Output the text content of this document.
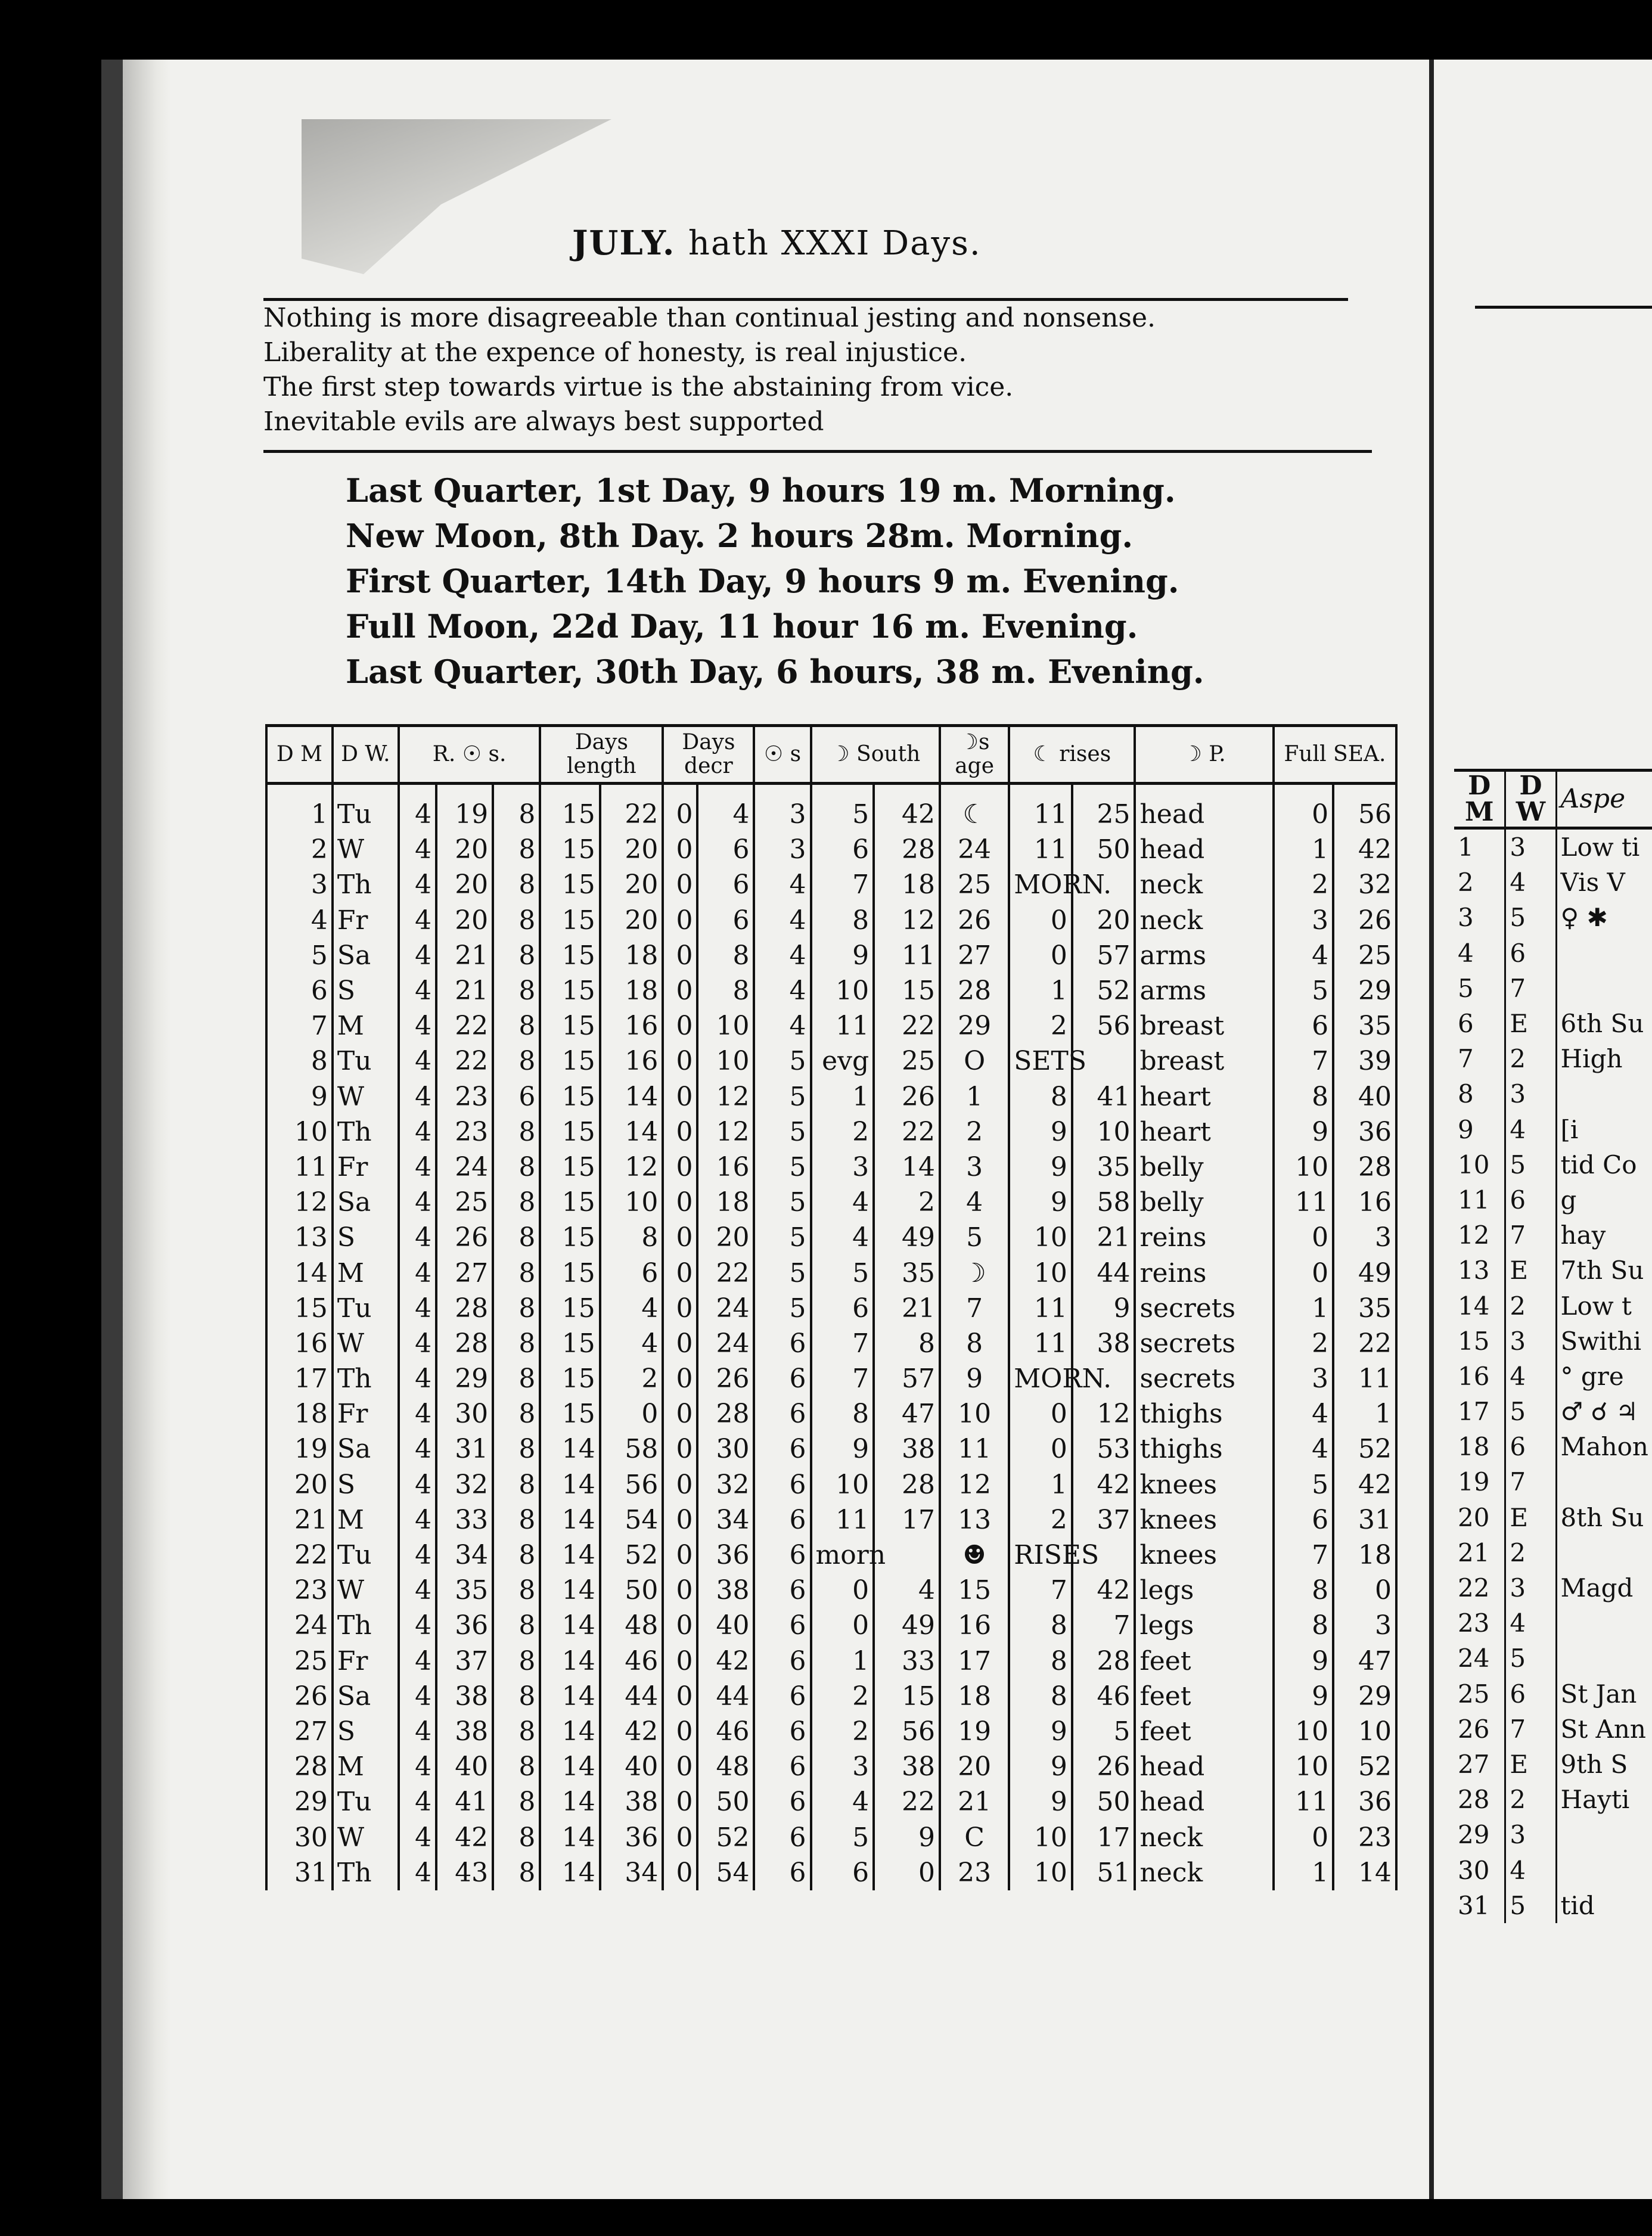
JULY. hath XXXI Days.
Nothing is more disagreeable than continual jesting and nonsense.
Liberality at the expence of honesty, is real injustice.
The first step towards virtue is the abstaining from vice.
Inevitable evils are always best supported
Last Quarter, 1st Day, 9 hours 19 m. Morning.
New Moon, 8th Day. 2 hours 28m. Morning.
First Quarter, 14th Day, 9 hours 9 m. Evening.
Full Moon, 22d Day, 11 hour 16 m. Evening.
Last Quarter, 30th Day, 6 hours, 38 m. Evening.
D M	D W.	R. ☉ s.			Days length		Days decr		☉ s	☽ South		☽s age	☾ rises		☽ P.	Full SEA.	
1	Tu	4	19	8	15	22	0	4	3	5	42	☾	11	25	head	0	56
2	W	4	20	8	15	20	0	6	3	6	28	24	11	50	head	1	42
3	Th	4	20	8	15	20	0	6	4	7	18	25	MORN.		neck	2	32
4	Fr	4	20	8	15	20	0	6	4	8	12	26	0	20	neck	3	26
5	Sa	4	21	8	15	18	0	8	4	9	11	27	0	57	arms	4	25
6	S	4	21	8	15	18	0	8	4	10	15	28	1	52	arms	5	29
7	M	4	22	8	15	16	0	10	4	11	22	29	2	56	breast	6	35
8	Tu	4	22	8	15	16	0	10	5	evg	25	O	SETS		breast	7	39
9	W	4	23	6	15	14	0	12	5	1	26	1	8	41	heart	8	40
10	Th	4	23	8	15	14	0	12	5	2	22	2	9	10	heart	9	36
11	Fr	4	24	8	15	12	0	16	5	3	14	3	9	35	belly	10	28
12	Sa	4	25	8	15	10	0	18	5	4	2	4	9	58	belly	11	16
13	S	4	26	8	15	8	0	20	5	4	49	5	10	21	reins	0	3
14	M	4	27	8	15	6	0	22	5	5	35	☽	10	44	reins	0	49
15	Tu	4	28	8	15	4	0	24	5	6	21	7	11	9	secrets	1	35
16	W	4	28	8	15	4	0	24	6	7	8	8	11	38	secrets	2	22
17	Th	4	29	8	15	2	0	26	6	7	57	9	MORN.		secrets	3	11
18	Fr	4	30	8	15	0	0	28	6	8	47	10	0	12	thighs	4	1
19	Sa	4	31	8	14	58	0	30	6	9	38	11	0	53	thighs	4	52
20	S	4	32	8	14	56	0	32	6	10	28	12	1	42	knees	5	42
21	M	4	33	8	14	54	0	34	6	11	17	13	2	37	knees	6	31
22	Tu	4	34	8	14	52	0	36	6	morn		☻	RISES		knees	7	18
23	W	4	35	8	14	50	0	38	6	0	4	15	7	42	legs	8	0
24	Th	4	36	8	14	48	0	40	6	0	49	16	8	7	legs	8	3
25	Fr	4	37	8	14	46	0	42	6	1	33	17	8	28	feet	9	47
26	Sa	4	38	8	14	44	0	44	6	2	15	18	8	46	feet	9	29
27	S	4	38	8	14	42	0	46	6	2	56	19	9	5	feet	10	10
28	M	4	40	8	14	40	0	48	6	3	38	20	9	26	head	10	52
29	Tu	4	41	8	14	38	0	50	6	4	22	21	9	50	head	11	36
30	W	4	42	8	14	36	0	52	6	5	9	C	10	17	neck	0	23
31	Th	4	43	8	14	34	0	54	6	6	0	23	10	51	neck	1	14
D M	D W	Aspe
1	3	Low ti
2	4	Vis V
3	5	♀ ✱
4	6	
5	7	
6	E	6th Su
7	2	High
8	3	
9	4	[i
10	5	tid Co
11	6	g
12	7	hay
13	E	7th Su
14	2	Low t
15	3	Swithi
16	4	° gre
17	5	♂ ☌ ♃
18	6	Mahon
19	7	
20	E	8th Su
21	2	
22	3	Magd
23	4	
24	5	
25	6	St Jan
26	7	St Ann
27	E	9th S
28	2	Hayti
29	3	
30	4	
31	5	tid
